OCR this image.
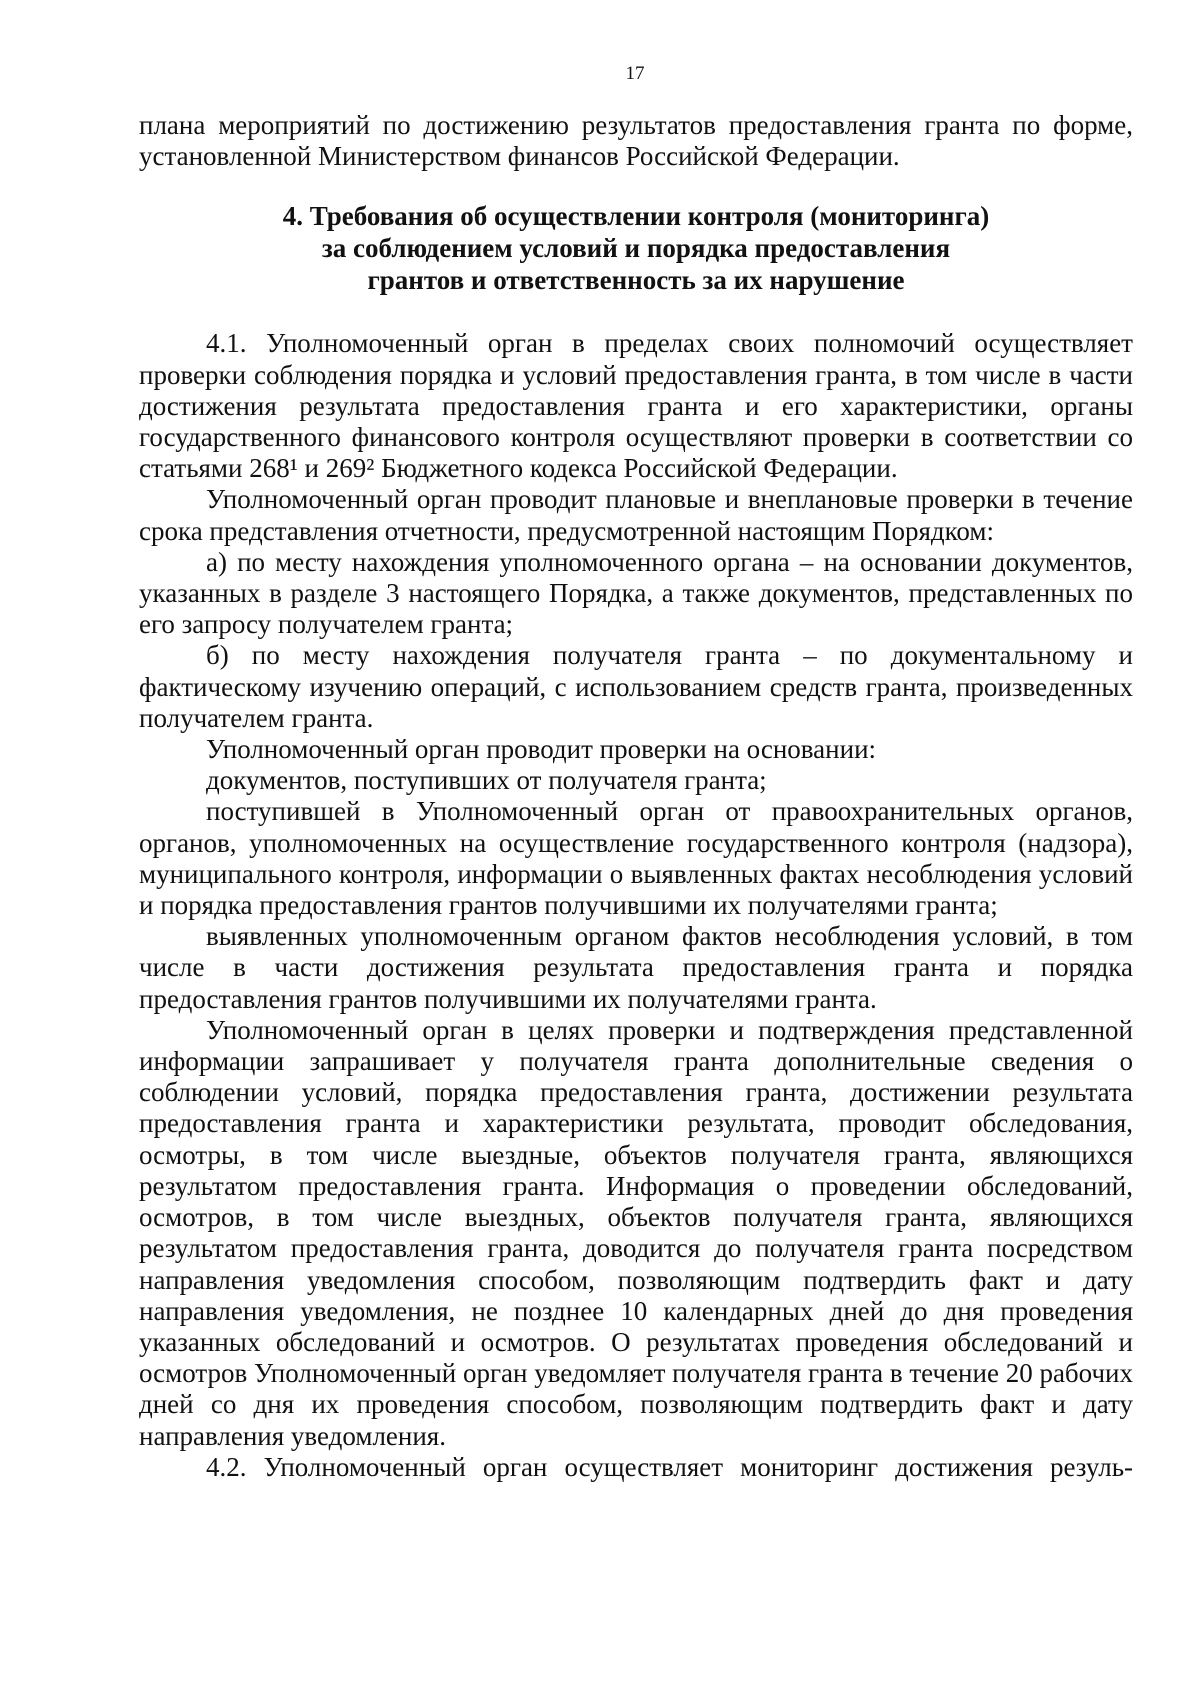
17

плана мероприятий по достижению результатов предоставления гранта по форме, установленной Министерством финансов Российской Федерации.

4. Требования об осуществлении контроля (мониторинга)
за соблюдением условий и порядка предоставления
грантов и ответственность за их нарушение

4.1. Уполномоченный орган в пределах своих полномочий осуществляет проверки соблюдения порядка и условий предоставления гранта, в том числе в части достижения результата предоставления гранта и его характеристики, органы государственного финансового контроля осуществляют проверки в соответствии со статьями 268¹ и 269² Бюджетного кодекса Российской Федерации.

Уполномоченный орган проводит плановые и внеплановые проверки в течение срока представления отчетности, предусмотренной настоящим Порядком:

а) по месту нахождения уполномоченного органа – на основании документов, указанных в разделе 3 настоящего Порядка, а также документов, представленных по его запросу получателем гранта;

б) по месту нахождения получателя гранта – по документальному и фактическому изучению операций, с использованием средств гранта, произведенных получателем гранта.

Уполномоченный орган проводит проверки на основании:

документов, поступивших от получателя гранта;

поступившей в Уполномоченный орган от правоохранительных органов, органов, уполномоченных на осуществление государственного контроля (надзора), муниципального контроля, информации о выявленных фактах несоблюдения условий и порядка предоставления грантов получившими их получателями гранта;

выявленных уполномоченным органом фактов несоблюдения условий, в том числе в части достижения результата предоставления гранта и порядка предоставления грантов получившими их получателями гранта.

Уполномоченный орган в целях проверки и подтверждения представленной информации запрашивает у получателя гранта дополнительные сведения о соблюдении условий, порядка предоставления гранта, достижении результата предоставления гранта и характеристики результата, проводит обследования, осмотры, в том числе выездные, объектов получателя гранта, являющихся результатом предоставления гранта. Информация о проведении обследований, осмотров, в том числе выездных, объектов получателя гранта, являющихся результатом предоставления гранта, доводится до получателя гранта посредством направления уведомления способом, позволяющим подтвердить факт и дату направления уведомления, не позднее 10 календарных дней до дня проведения указанных обследований и осмотров. О результатах проведения обследований и осмотров Уполномоченный орган уведомляет получателя гранта в течение 20 рабочих дней со дня их проведения способом, позволяющим подтвердить факт и дату направления уведомления.

4.2. Уполномоченный орган осуществляет мониторинг достижения резуль-
